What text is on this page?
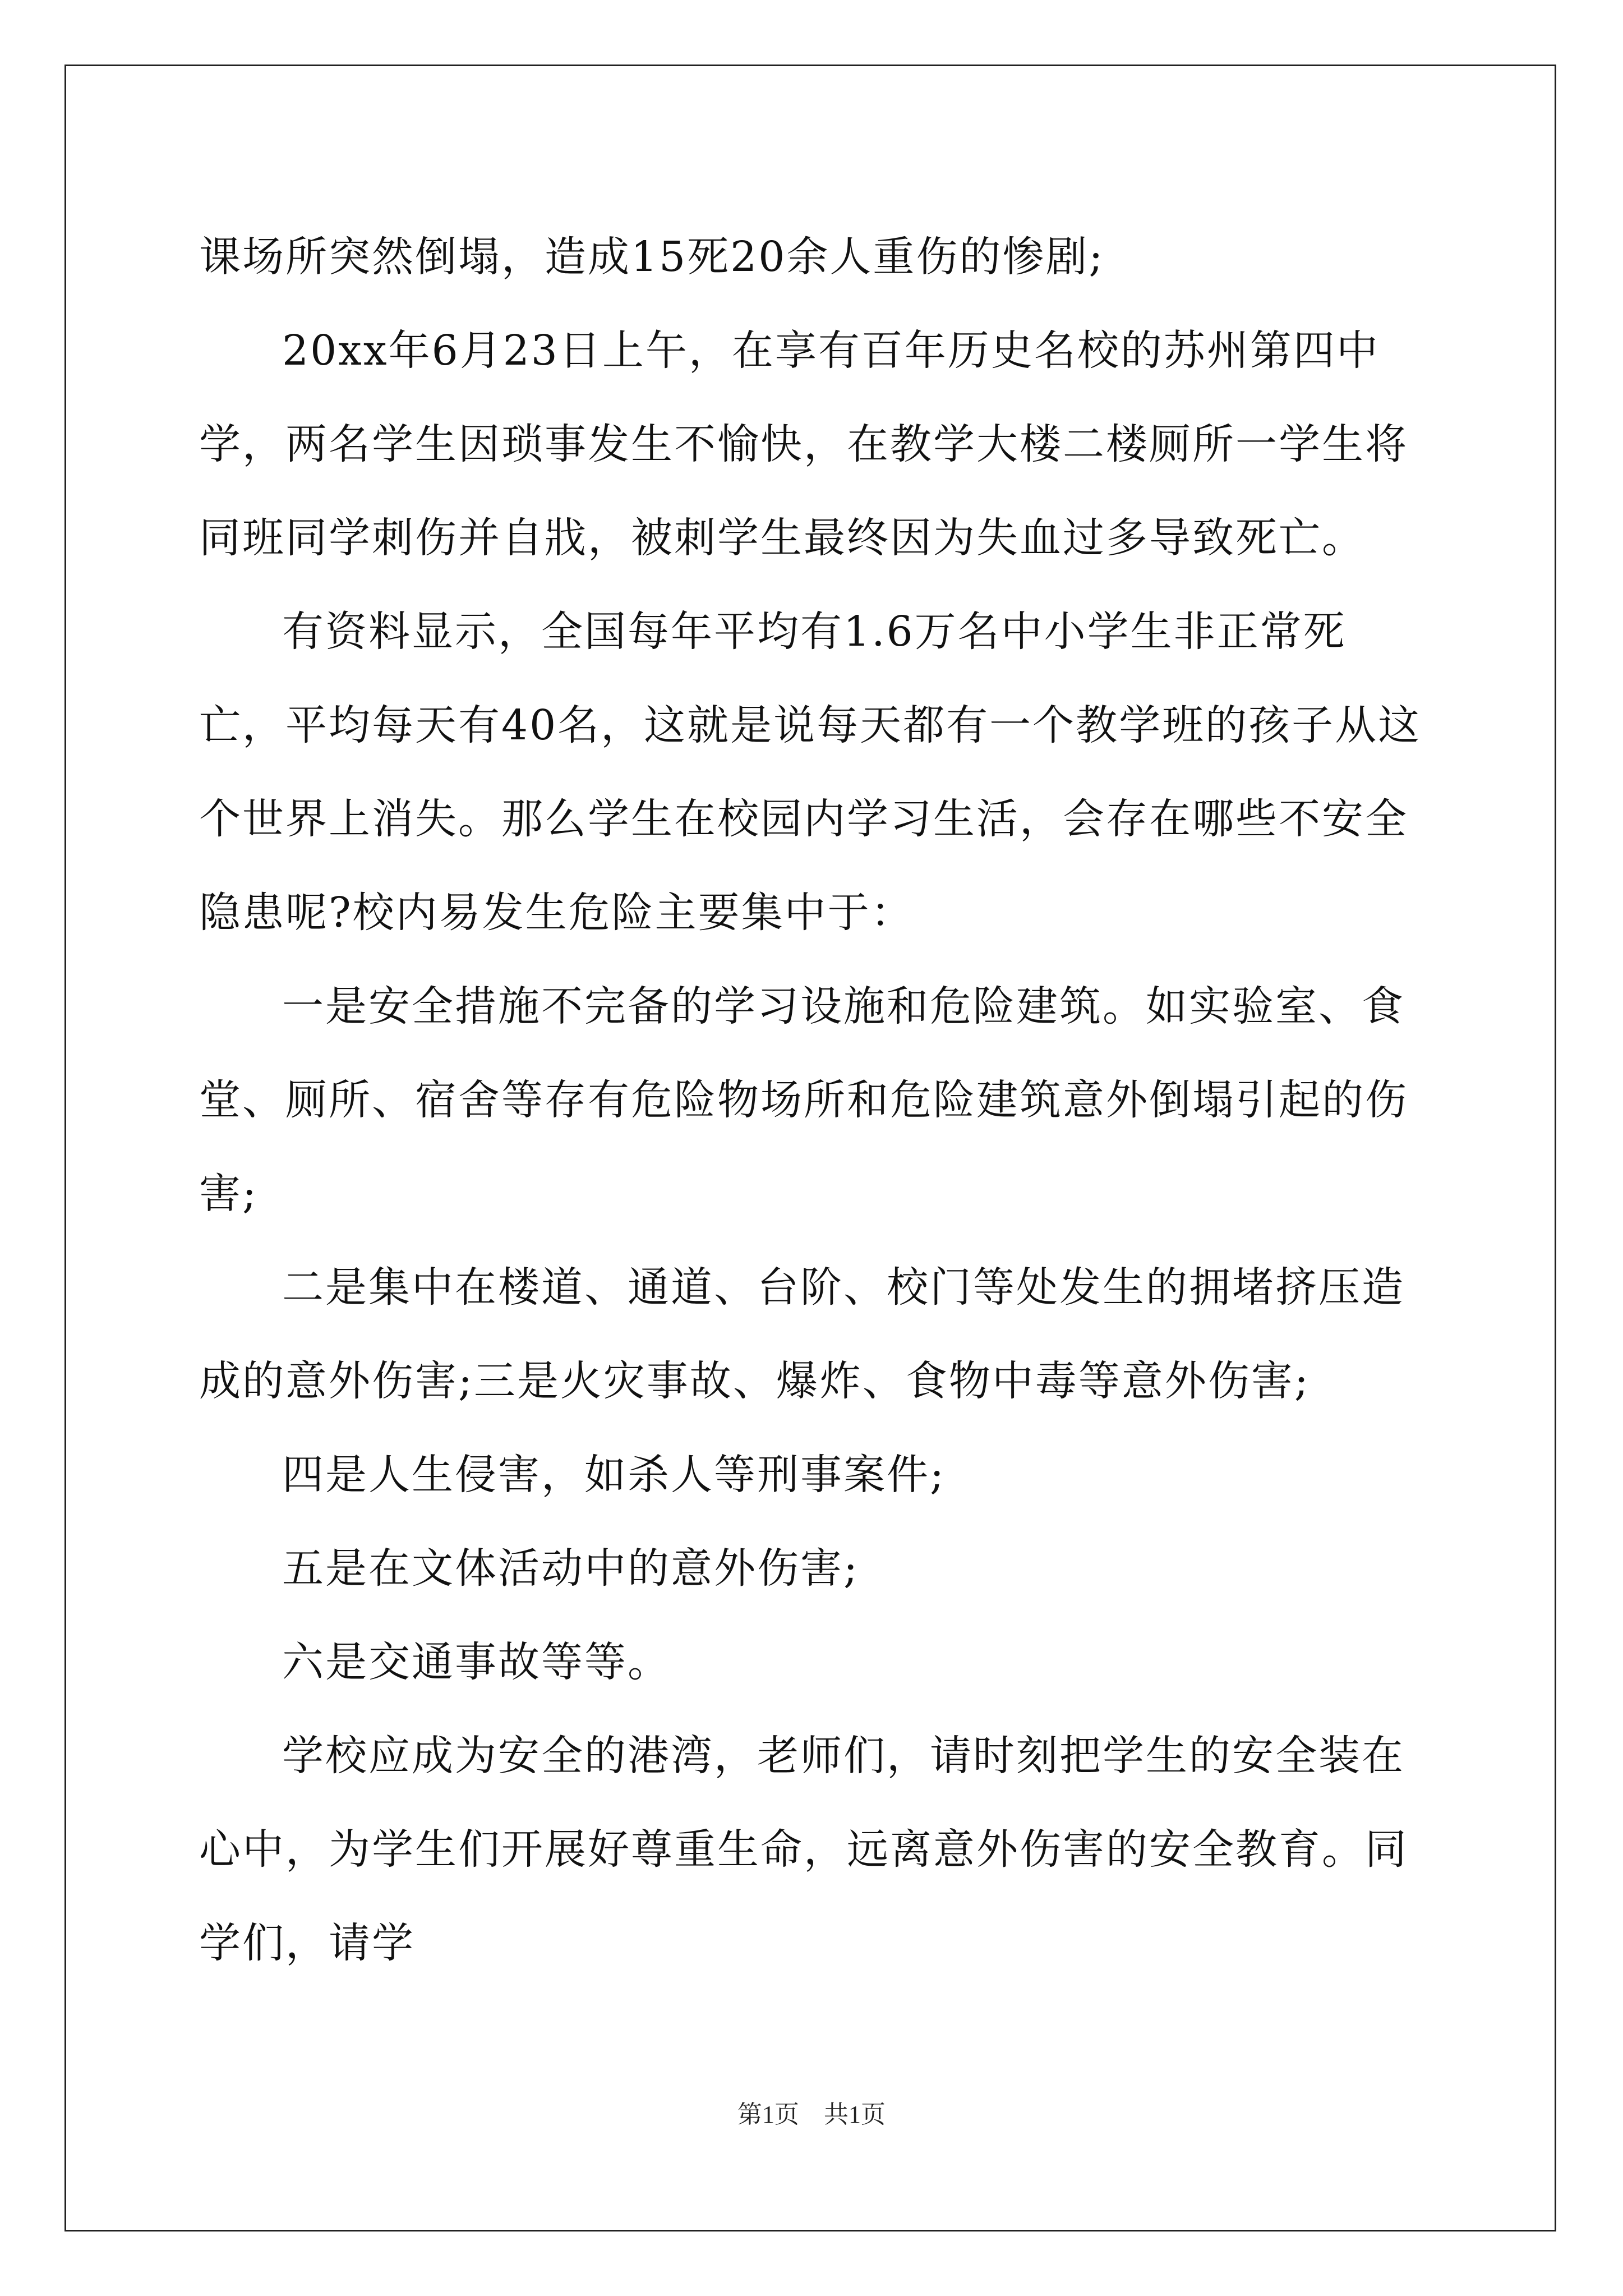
课场所突然倒塌，造成15死20余人重伤的惨剧;

20xx年6月23日上午，在享有百年历史名校的苏州第四中学，两名学生因琐事发生不愉快，在教学大楼二楼厕所一学生将同班同学刺伤并自戕，被刺学生最终因为失血过多导致死亡。

有资料显示，全国每年平均有1.6万名中小学生非正常死亡，平均每天有40名，这就是说每天都有一个教学班的孩子从这个世界上消失。那么学生在校园内学习生活，会存在哪些不安全隐患呢?校内易发生危险主要集中于：

一是安全措施不完备的学习设施和危险建筑。如实验室、食堂、厕所、宿舍等存有危险物场所和危险建筑意外倒塌引起的伤害;

二是集中在楼道、通道、台阶、校门等处发生的拥堵挤压造成的意外伤害;三是火灾事故、爆炸、食物中毒等意外伤害;

四是人生侵害，如杀人等刑事案件;

五是在文体活动中的意外伤害;

六是交通事故等等。

学校应成为安全的港湾，老师们，请时刻把学生的安全装在心中，为学生们开展好尊重生命，远离意外伤害的安全教育。同学们，请学

第1页　共1页
